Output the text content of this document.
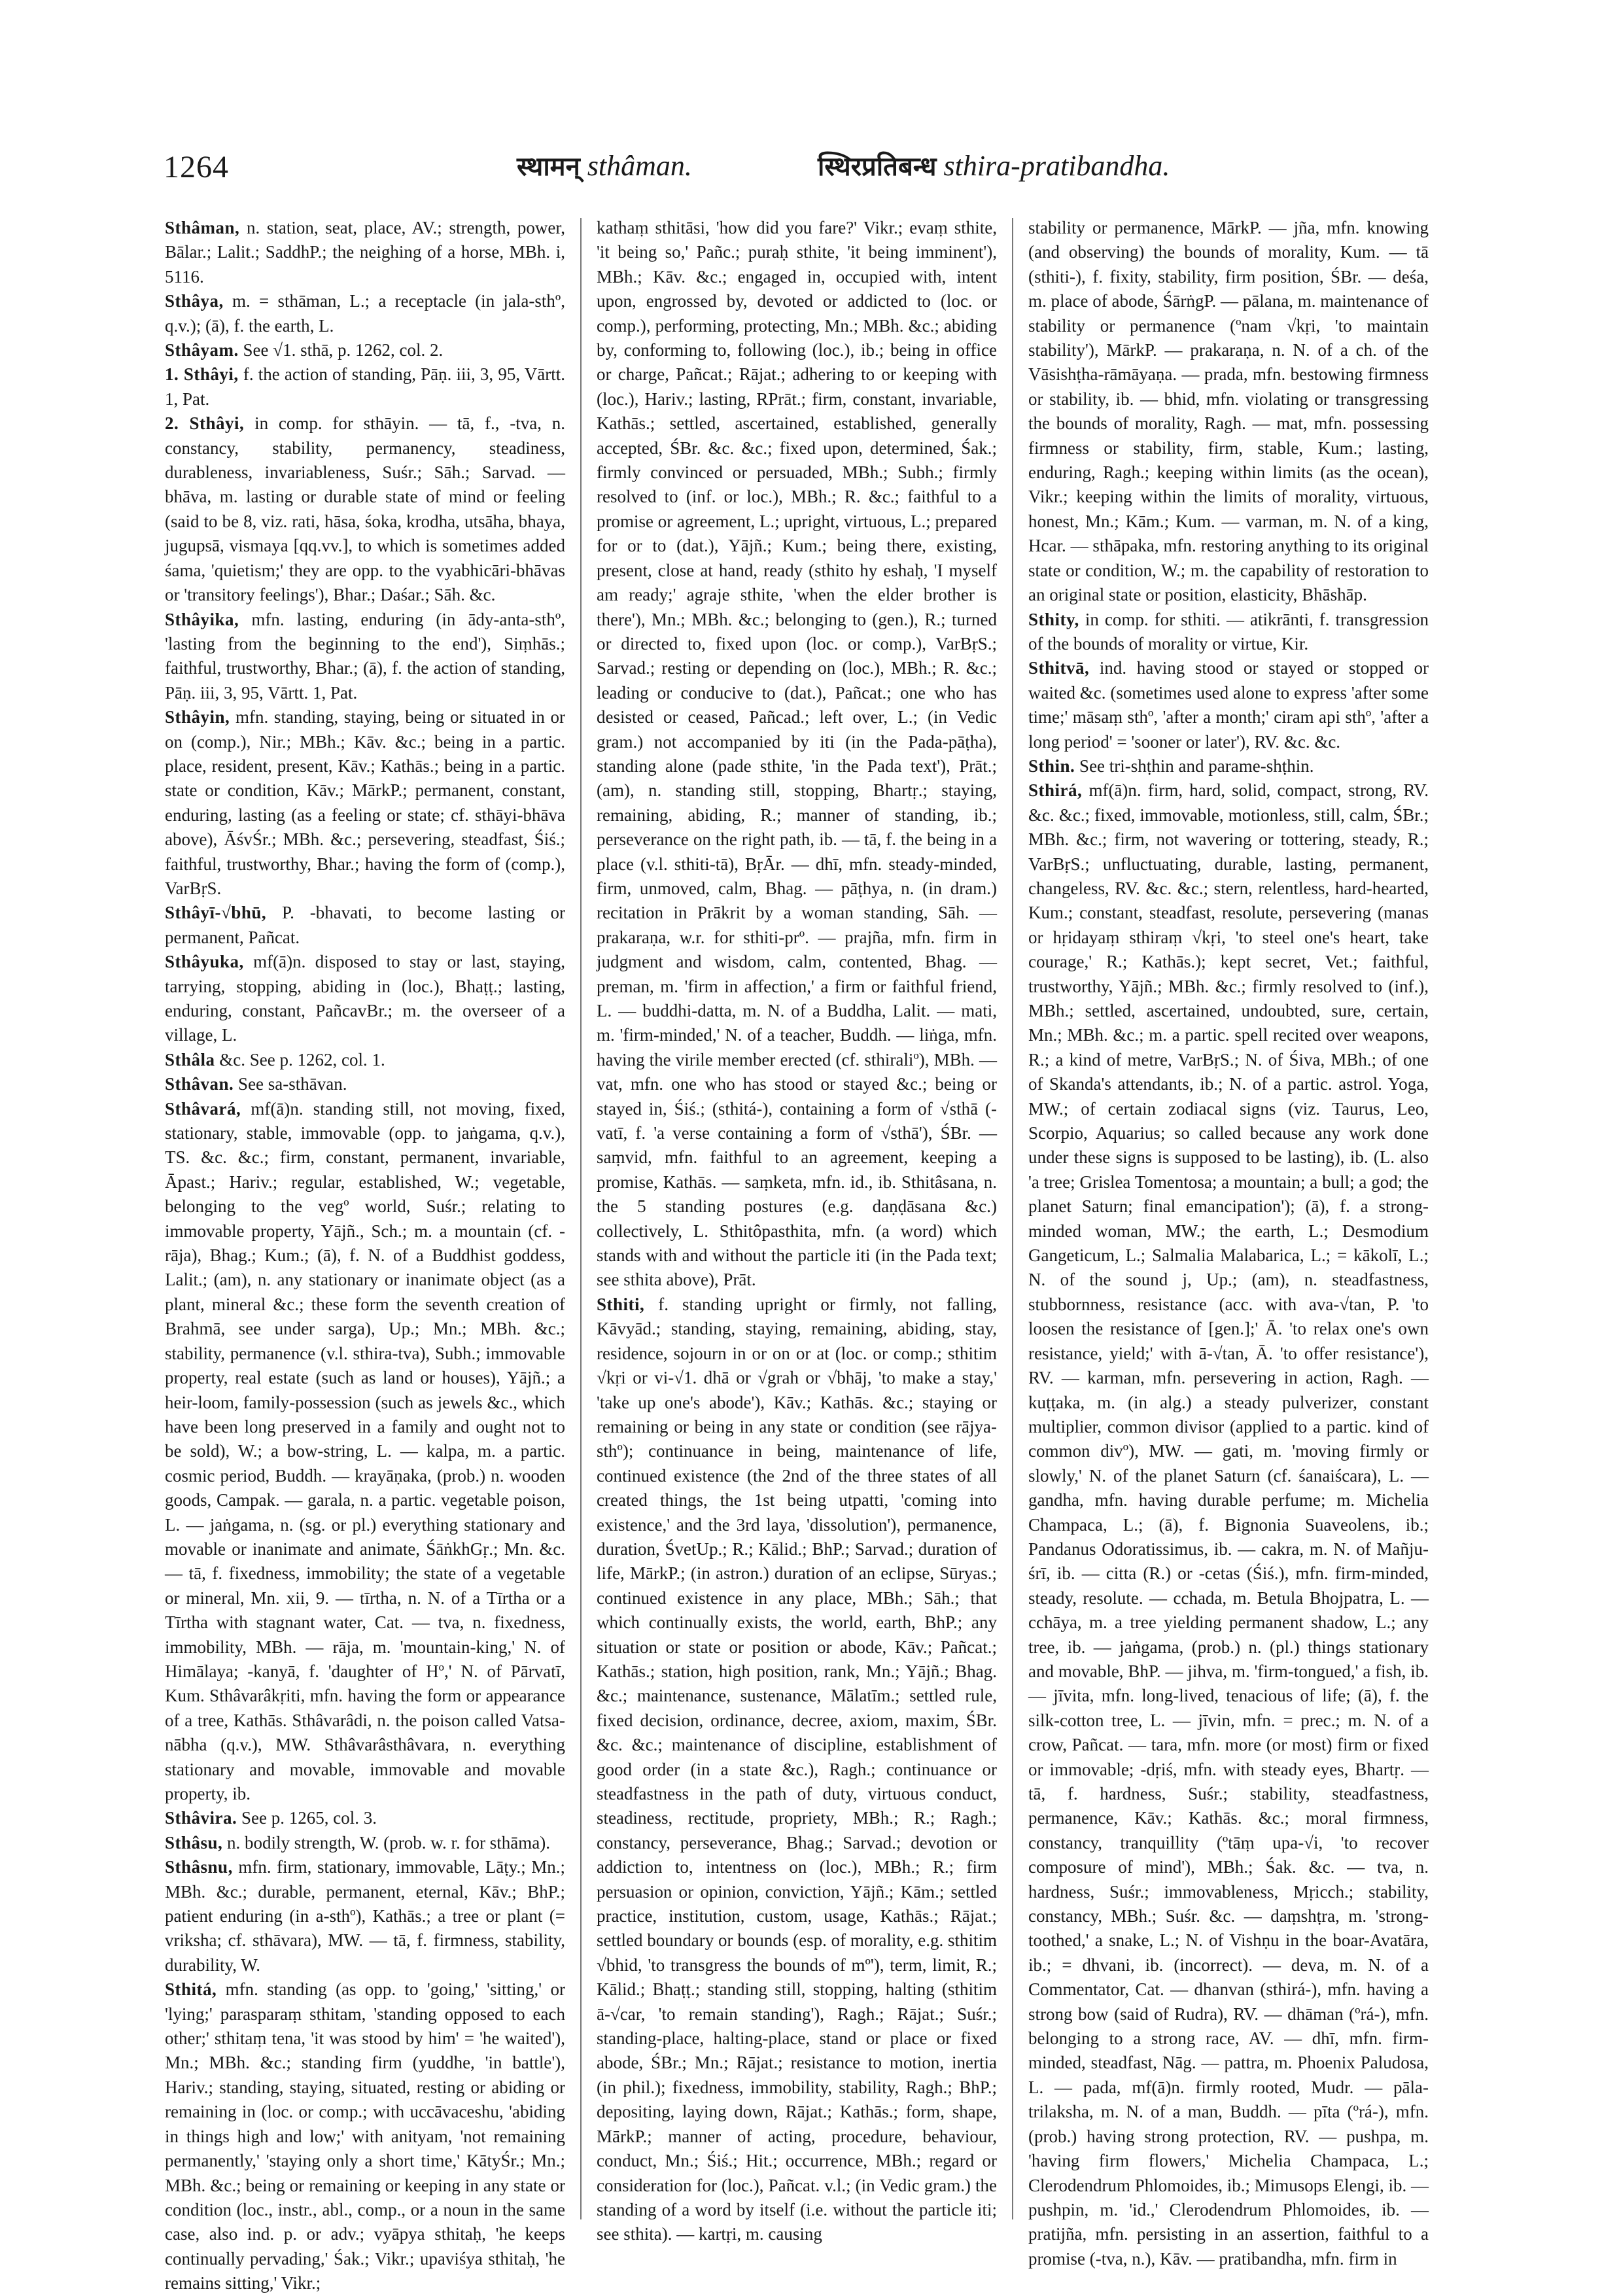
1264	स्थामन् sthâman.	स्थिरप्रतिबन्ध sthira-pratibandha.

Sthâman, n. station, seat, place, AV.; strength, power, Bālar.; Lalit.; SaddhP.; the neighing of a horse, MBh. i, 5116.

Sthâya, m. = sthāman, L.; a receptacle (in jala-sthº, q.v.); (ā), f. the earth, L.

Sthâyam. See √1. sthā, p. 1262, col. 2.

1. Sthâyi, f. the action of standing, Pāṇ. iii, 3, 95, Vārtt. 1, Pat.

2. Sthâyi, in comp. for sthāyin. — tā, f., -tva, n. constancy, stability, permanency, steadiness, durableness, invariableness, Suśr.; Sāh.; Sarvad. — bhāva, m. lasting or durable state of mind or feeling (said to be 8, viz. rati, hāsa, śoka, krodha, utsāha, bhaya, jugupsā, vismaya [qq.vv.], to which is sometimes added śama, 'quietism;' they are opp. to the vyabhicāri-bhāvas or 'transitory feelings'), Bhar.; Daśar.; Sāh. &c.

Sthâyika, mfn. lasting, enduring (in ādy-anta-sthº, 'lasting from the beginning to the end'), Siṃhās.; faithful, trustworthy, Bhar.; (ā), f. the action of standing, Pāṇ. iii, 3, 95, Vārtt. 1, Pat.

Sthâyin, mfn. standing, staying, being or situated in or on (comp.), Nir.; MBh.; Kāv. &c.; being in a partic. place, resident, present, Kāv.; Kathās.; being in a partic. state or condition, Kāv.; MārkP.; permanent, constant, enduring, lasting (as a feeling or state; cf. sthāyi-bhāva above), ĀśvŚr.; MBh. &c.; persevering, steadfast, Śiś.; faithful, trustworthy, Bhar.; having the form of (comp.), VarBṛS.

Sthâyī-√bhū, P. -bhavati, to become lasting or permanent, Pañcat.

Sthâyuka, mf(ā)n. disposed to stay or last, staying, tarrying, stopping, abiding in (loc.), Bhaṭṭ.; lasting, enduring, constant, PañcavBr.; m. the overseer of a village, L.

Sthâla &c. See p. 1262, col. 1.

Sthâvan. See sa-sthāvan.

Sthâvará, mf(ā)n. standing still, not moving, fixed, stationary, stable, immovable (opp. to jaṅgama, q.v.), TS. &c. &c.; firm, constant, permanent, invariable, Āpast.; Hariv.; regular, established, W.; vegetable, belonging to the vegº world, Suśr.; relating to immovable property, Yājñ., Sch.; m. a mountain (cf. -rāja), Bhag.; Kum.; (ā), f. N. of a Buddhist goddess, Lalit.; (am), n. any stationary or inanimate object (as a plant, mineral &c.; these form the seventh creation of Brahmā, see under sarga), Up.; Mn.; MBh. &c.; stability, permanence (v.l. sthira-tva), Subh.; immovable property, real estate (such as land or houses), Yājñ.; a heir-loom, family-possession (such as jewels &c., which have been long preserved in a family and ought not to be sold), W.; a bow-string, L. — kalpa, m. a partic. cosmic period, Buddh. — krayāṇaka, (prob.) n. wooden goods, Campak. — garala, n. a partic. vegetable poison, L. — jaṅgama, n. (sg. or pl.) everything stationary and movable or inanimate and animate, ŚāṅkhGṛ.; Mn. &c. — tā, f. fixedness, immobility; the state of a vegetable or mineral, Mn. xii, 9. — tīrtha, n. N. of a Tīrtha or a Tīrtha with stagnant water, Cat. — tva, n. fixedness, immobility, MBh. — rāja, m. 'mountain-king,' N. of Himālaya; -kanyā, f. 'daughter of Hº,' N. of Pārvatī, Kum. Sthâvarâkṛiti, mfn. having the form or appearance of a tree, Kathās. Sthâvarâdi, n. the poison called Vatsa-nābha (q.v.), MW. Sthâvarâsthâvara, n. everything stationary and movable, immovable and movable property, ib.

Sthâvira. See p. 1265, col. 3.

Sthâsu, n. bodily strength, W. (prob. w. r. for sthāma).

Sthâsnu, mfn. firm, stationary, immovable, Lāṭy.; Mn.; MBh. &c.; durable, permanent, eternal, Kāv.; BhP.; patient enduring (in a-sthº), Kathās.; a tree or plant (= vriksha; cf. sthāvara), MW. — tā, f. firmness, stability, durability, W.

Sthitá, mfn. standing (as opp. to 'going,' 'sitting,' or 'lying;' parasparaṃ sthitam, 'standing opposed to each other;' sthitaṃ tena, 'it was stood by him' = 'he waited'), Mn.; MBh. &c.; standing firm (yuddhe, 'in battle'), Hariv.; standing, staying, situated, resting or abiding or remaining in (loc. or comp.; with uccāvaceshu, 'abiding in things high and low;' with anityam, 'not remaining permanently,' 'staying only a short time,' KātyŚr.; Mn.; MBh. &c.; being or remaining or keeping in any state or condition (loc., instr., abl., comp., or a noun in the same case, also ind. p. or adv.; vyāpya sthitaḥ, 'he keeps continually pervading,' Śak.; Vikr.; upaviśya sthitaḥ, 'he remains sitting,' Vikr.;

kathaṃ sthitāsi, 'how did you fare?' Vikr.; evaṃ sthite, 'it being so,' Pañc.; puraḥ sthite, 'it being imminent'), MBh.; Kāv. &c.; engaged in, occupied with, intent upon, engrossed by, devoted or addicted to (loc. or comp.), performing, protecting, Mn.; MBh. &c.; abiding by, conforming to, following (loc.), ib.; being in office or charge, Pañcat.; Rājat.; adhering to or keeping with (loc.), Hariv.; lasting, RPrāt.; firm, constant, invariable, Kathās.; settled, ascertained, established, generally accepted, ŚBr. &c. &c.; fixed upon, determined, Śak.; firmly convinced or persuaded, MBh.; Subh.; firmly resolved to (inf. or loc.), MBh.; R. &c.; faithful to a promise or agreement, L.; upright, virtuous, L.; prepared for or to (dat.), Yājñ.; Kum.; being there, existing, present, close at hand, ready (sthito hy eshaḥ, 'I myself am ready;' agraje sthite, 'when the elder brother is there'), Mn.; MBh. &c.; belonging to (gen.), R.; turned or directed to, fixed upon (loc. or comp.), VarBṛS.; Sarvad.; resting or depending on (loc.), MBh.; R. &c.; leading or conducive to (dat.), Pañcat.; one who has desisted or ceased, Pañcad.; left over, L.; (in Vedic gram.) not accompanied by iti (in the Pada-pāṭha), standing alone (pade sthite, 'in the Pada text'), Prāt.; (am), n. standing still, stopping, Bhartṛ.; staying, remaining, abiding, R.; manner of standing, ib.; perseverance on the right path, ib. — tā, f. the being in a place (v.l. sthiti-tā), BṛĀr. — dhī, mfn. steady-minded, firm, unmoved, calm, Bhag. — pāṭhya, n. (in dram.) recitation in Prākrit by a woman standing, Sāh. — prakaraṇa, w.r. for sthiti-prº. — prajña, mfn. firm in judgment and wisdom, calm, contented, Bhag. — preman, m. 'firm in affection,' a firm or faithful friend, L. — buddhi-datta, m. N. of a Buddha, Lalit. — mati, m. 'firm-minded,' N. of a teacher, Buddh. — liṅga, mfn. having the virile member erected (cf. sthiraliº), MBh. — vat, mfn. one who has stood or stayed &c.; being or stayed in, Śiś.; (sthitá-), containing a form of √sthā (-vatī, f. 'a verse containing a form of √sthā'), ŚBr. — saṃvid, mfn. faithful to an agreement, keeping a promise, Kathās. — saṃketa, mfn. id., ib. Sthitâsana, n. the 5 standing postures (e.g. daṇḍāsana &c.) collectively, L. Sthitôpasthita, mfn. (a word) which stands with and without the particle iti (in the Pada text; see sthita above), Prāt.

Sthiti, f. standing upright or firmly, not falling, Kāvyād.; standing, staying, remaining, abiding, stay, residence, sojourn in or on or at (loc. or comp.; sthitim √kṛi or vi-√1. dhā or √grah or √bhāj, 'to make a stay,' 'take up one's abode'), Kāv.; Kathās. &c.; staying or remaining or being in any state or condition (see rājya-sthº); continuance in being, maintenance of life, continued existence (the 2nd of the three states of all created things, the 1st being utpatti, 'coming into existence,' and the 3rd laya, 'dissolution'), permanence, duration, ŚvetUp.; R.; Kālid.; BhP.; Sarvad.; duration of life, MārkP.; (in astron.) duration of an eclipse, Sūryas.; continued existence in any place, MBh.; Sāh.; that which continually exists, the world, earth, BhP.; any situation or state or position or abode, Kāv.; Pañcat.; Kathās.; station, high position, rank, Mn.; Yājñ.; Bhag. &c.; maintenance, sustenance, Mālatīm.; settled rule, fixed decision, ordinance, decree, axiom, maxim, ŚBr. &c. &c.; maintenance of discipline, establishment of good order (in a state &c.), Ragh.; continuance or steadfastness in the path of duty, virtuous conduct, steadiness, rectitude, propriety, MBh.; R.; Ragh.; constancy, perseverance, Bhag.; Sarvad.; devotion or addiction to, intentness on (loc.), MBh.; R.; firm persuasion or opinion, conviction, Yājñ.; Kām.; settled practice, institution, custom, usage, Kathās.; Rājat.; settled boundary or bounds (esp. of morality, e.g. sthitim √bhid, 'to transgress the bounds of mº'), term, limit, R.; Kālid.; Bhaṭṭ.; standing still, stopping, halting (sthitim ā-√car, 'to remain standing'), Ragh.; Rājat.; Suśr.; standing-place, halting-place, stand or place or fixed abode, ŚBr.; Mn.; Rājat.; resistance to motion, inertia (in phil.); fixedness, immobility, stability, Ragh.; BhP.; depositing, laying down, Rājat.; Kathās.; form, shape, MārkP.; manner of acting, procedure, behaviour, conduct, Mn.; Śiś.; Hit.; occurrence, MBh.; regard or consideration for (loc.), Pañcat. v.l.; (in Vedic gram.) the standing of a word by itself (i.e. without the particle iti; see sthita). — kartṛi, m. causing

stability or permanence, MārkP. — jña, mfn. knowing (and observing) the bounds of morality, Kum. — tā (sthiti-), f. fixity, stability, firm position, ŚBr. — deśa, m. place of abode, ŚārṅgP. — pālana, m. maintenance of stability or permanence (ºnam √kṛi, 'to maintain stability'), MārkP. — prakaraṇa, n. N. of a ch. of the Vāsishṭha-rāmāyaṇa. — prada, mfn. bestowing firmness or stability, ib. — bhid, mfn. violating or transgressing the bounds of morality, Ragh. — mat, mfn. possessing firmness or stability, firm, stable, Kum.; lasting, enduring, Ragh.; keeping within limits (as the ocean), Vikr.; keeping within the limits of morality, virtuous, honest, Mn.; Kām.; Kum. — varman, m. N. of a king, Hcar. — sthāpaka, mfn. restoring anything to its original state or condition, W.; m. the capability of restoration to an original state or position, elasticity, Bhāshāp.

Sthity, in comp. for sthiti. — atikrānti, f. transgression of the bounds of morality or virtue, Kir.

Sthitvā, ind. having stood or stayed or stopped or waited &c. (sometimes used alone to express 'after some time;' māsaṃ sthº, 'after a month;' ciram api sthº, 'after a long period' = 'sooner or later'), RV. &c. &c.

Sthin. See tri-shṭhin and parame-shṭhin.

Sthirá, mf(ā)n. firm, hard, solid, compact, strong, RV. &c. &c.; fixed, immovable, motionless, still, calm, ŚBr.; MBh. &c.; firm, not wavering or tottering, steady, R.; VarBṛS.; unfluctuating, durable, lasting, permanent, changeless, RV. &c. &c.; stern, relentless, hard-hearted, Kum.; constant, steadfast, resolute, persevering (manas or hṛidayaṃ sthiraṃ √kṛi, 'to steel one's heart, take courage,' R.; Kathās.); kept secret, Vet.; faithful, trustworthy, Yājñ.; MBh. &c.; firmly resolved to (inf.), MBh.; settled, ascertained, undoubted, sure, certain, Mn.; MBh. &c.; m. a partic. spell recited over weapons, R.; a kind of metre, VarBṛS.; N. of Śiva, MBh.; of one of Skanda's attendants, ib.; N. of a partic. astrol. Yoga, MW.; of certain zodiacal signs (viz. Taurus, Leo, Scorpio, Aquarius; so called because any work done under these signs is supposed to be lasting), ib. (L. also 'a tree; Grislea Tomentosa; a mountain; a bull; a god; the planet Saturn; final emancipation'); (ā), f. a strong-minded woman, MW.; the earth, L.; Desmodium Gangeticum, L.; Salmalia Malabarica, L.; = kākolī, L.; N. of the sound j, Up.; (am), n. steadfastness, stubbornness, resistance (acc. with ava-√tan, P. 'to loosen the resistance of [gen.];' Ā. 'to relax one's own resistance, yield;' with ā-√tan, Ā. 'to offer resistance'), RV. — karman, mfn. persevering in action, Ragh. — kuṭṭaka, m. (in alg.) a steady pulverizer, constant multiplier, common divisor (applied to a partic. kind of common divº), MW. — gati, m. 'moving firmly or slowly,' N. of the planet Saturn (cf. śanaiścara), L. — gandha, mfn. having durable perfume; m. Michelia Champaca, L.; (ā), f. Bignonia Suaveolens, ib.; Pandanus Odoratissimus, ib. — cakra, m. N. of Mañju-śrī, ib. — citta (R.) or -cetas (Śiś.), mfn. firm-minded, steady, resolute. — cchada, m. Betula Bhojpatra, L. — cchāya, m. a tree yielding permanent shadow, L.; any tree, ib. — jaṅgama, (prob.) n. (pl.) things stationary and movable, BhP. — jihva, m. 'firm-tongued,' a fish, ib. — jīvita, mfn. long-lived, tenacious of life; (ā), f. the silk-cotton tree, L. — jīvin, mfn. = prec.; m. N. of a crow, Pañcat. — tara, mfn. more (or most) firm or fixed or immovable; -dṛiś, mfn. with steady eyes, Bhartṛ. — tā, f. hardness, Suśr.; stability, steadfastness, permanence, Kāv.; Kathās. &c.; moral firmness, constancy, tranquillity (ºtāṃ upa-√i, 'to recover composure of mind'), MBh.; Śak. &c. — tva, n. hardness, Suśr.; immovableness, Mṛicch.; stability, constancy, MBh.; Suśr. &c. — daṃshṭra, m. 'strong-toothed,' a snake, L.; N. of Vishṇu in the boar-Avatāra, ib.; = dhvani, ib. (incorrect). — deva, m. N. of a Commentator, Cat. — dhanvan (sthirá-), mfn. having a strong bow (said of Rudra), RV. — dhāman (ºrá-), mfn. belonging to a strong race, AV. — dhī, mfn. firm-minded, steadfast, Nāg. — pattra, m. Phoenix Paludosa, L. — pada, mf(ā)n. firmly rooted, Mudr. — pāla-trilaksha, m. N. of a man, Buddh. — pīta (ºrá-), mfn. (prob.) having strong protection, RV. — pushpa, m. 'having firm flowers,' Michelia Champaca, L.; Clerodendrum Phlomoides, ib.; Mimusops Elengi, ib. — pushpin, m. 'id.,' Clerodendrum Phlomoides, ib. — pratijña, mfn. persisting in an assertion, faithful to a promise (-tva, n.), Kāv. — pratibandha, mfn. firm in
